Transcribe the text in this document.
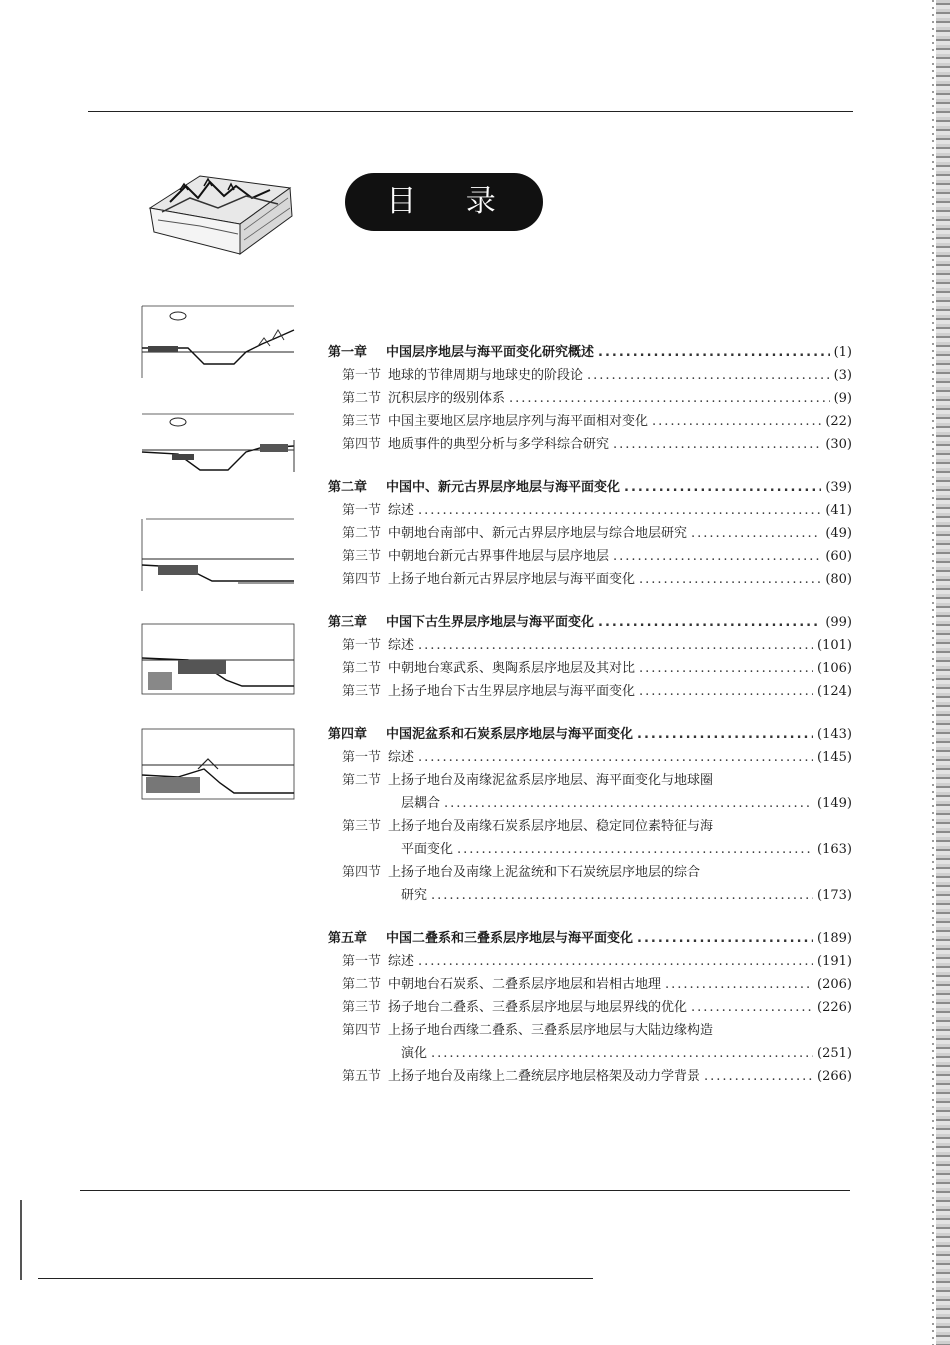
目 录
第一章	中国层序地层与海平面变化研究概述 .....	(1)
第一节 地球的节律周期与地球史的阶段论 .....	(3)
第二节 沉积层序的级别体系 .....	(9)
第三节 中国主要地区层序地层序列与海平面相对变化 .....	(22)
第四节 地质事件的典型分析与多学科综合研究 .....	(30)
第二章	中国中、新元古界层序地层与海平面变化 .....	(39)
第一节 综述 .....	(41)
第二节 中朝地台南部中、新元古界层序地层与综合地层研究 .....	(49)
第三节 中朝地台新元古界事件地层与层序地层 .....	(60)
第四节 上扬子地台新元古界层序地层与海平面变化 .....	(80)
第三章	中国下古生界层序地层与海平面变化 .....	(99)
第一节 综述 .....	(101)
第二节 中朝地台寒武系、奥陶系层序地层及其对比 .....	(106)
第三节 上扬子地台下古生界层序地层与海平面变化 .....	(124)
第四章	中国泥盆系和石炭系层序地层与海平面变化 .....	(143)
第一节 综述 .....	(145)
第二节 上扬子地台及南缘泥盆系层序地层、海平面变化与地球圈
层耦合 .....	(149)
第三节 上扬子地台及南缘石炭系层序地层、稳定同位素特征与海
平面变化 .....	(163)
第四节 上扬子地台及南缘上泥盆统和下石炭统层序地层的综合
研究 .....	(173)
第五章	中国二叠系和三叠系层序地层与海平面变化 .....	(189)
第一节 综述 .....	(191)
第二节 中朝地台石炭系、二叠系层序地层和岩相古地理 .....	(206)
第三节 扬子地台二叠系、三叠系层序地层与地层界线的优化 .....	(226)
第四节 上扬子地台西缘二叠系、三叠系层序地层与大陆边缘构造
演化 .....	(251)
第五节 上扬子地台及南缘上二叠统层序地层格架及动力学背景 .....	(266)
